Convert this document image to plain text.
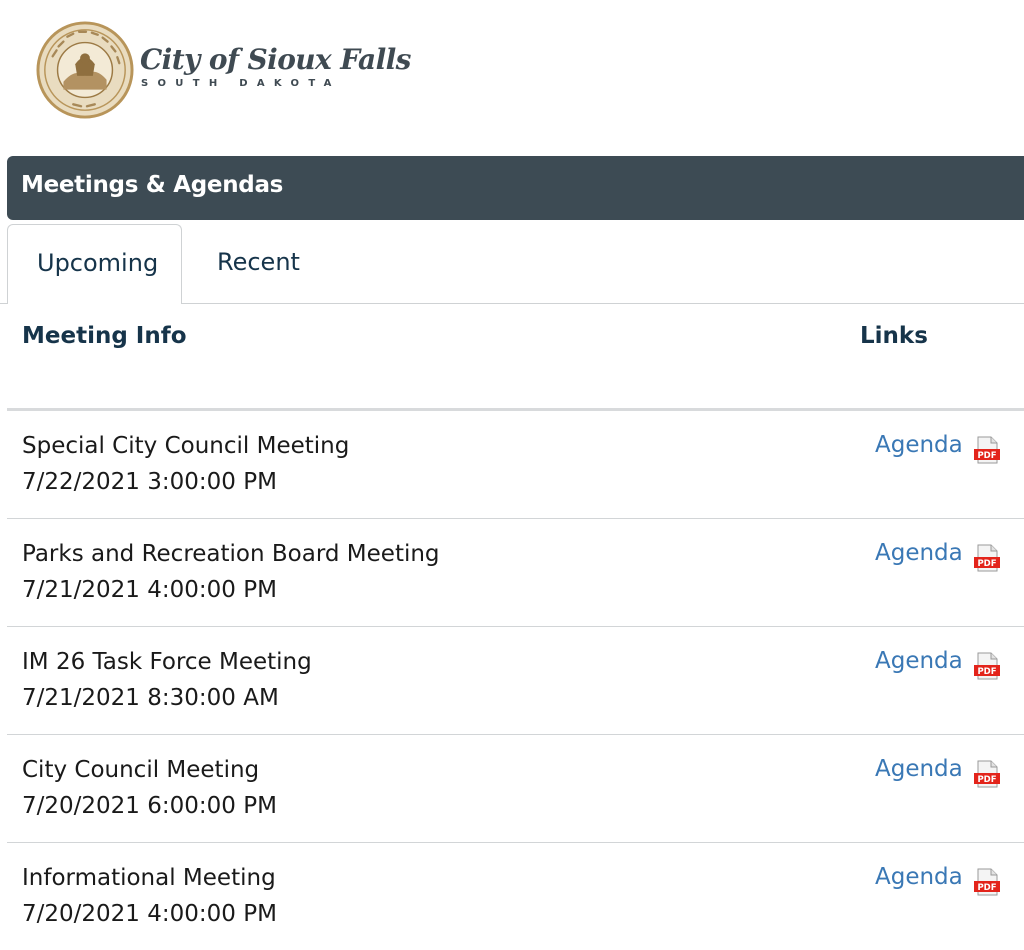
City of Sioux Falls
SOUTH DAKOTA
Meetings & Agendas
Upcoming Recent
Meeting Info	Links
Special City Council Meeting
7/22/2021 3:00:00 PM
Agenda PDF
Parks and Recreation Board Meeting
7/21/2021 4:00:00 PM
Agenda PDF
IM 26 Task Force Meeting
7/21/2021 8:30:00 AM
Agenda PDF
City Council Meeting
7/20/2021 6:00:00 PM
Agenda PDF
Informational Meeting
7/20/2021 4:00:00 PM
Agenda PDF
